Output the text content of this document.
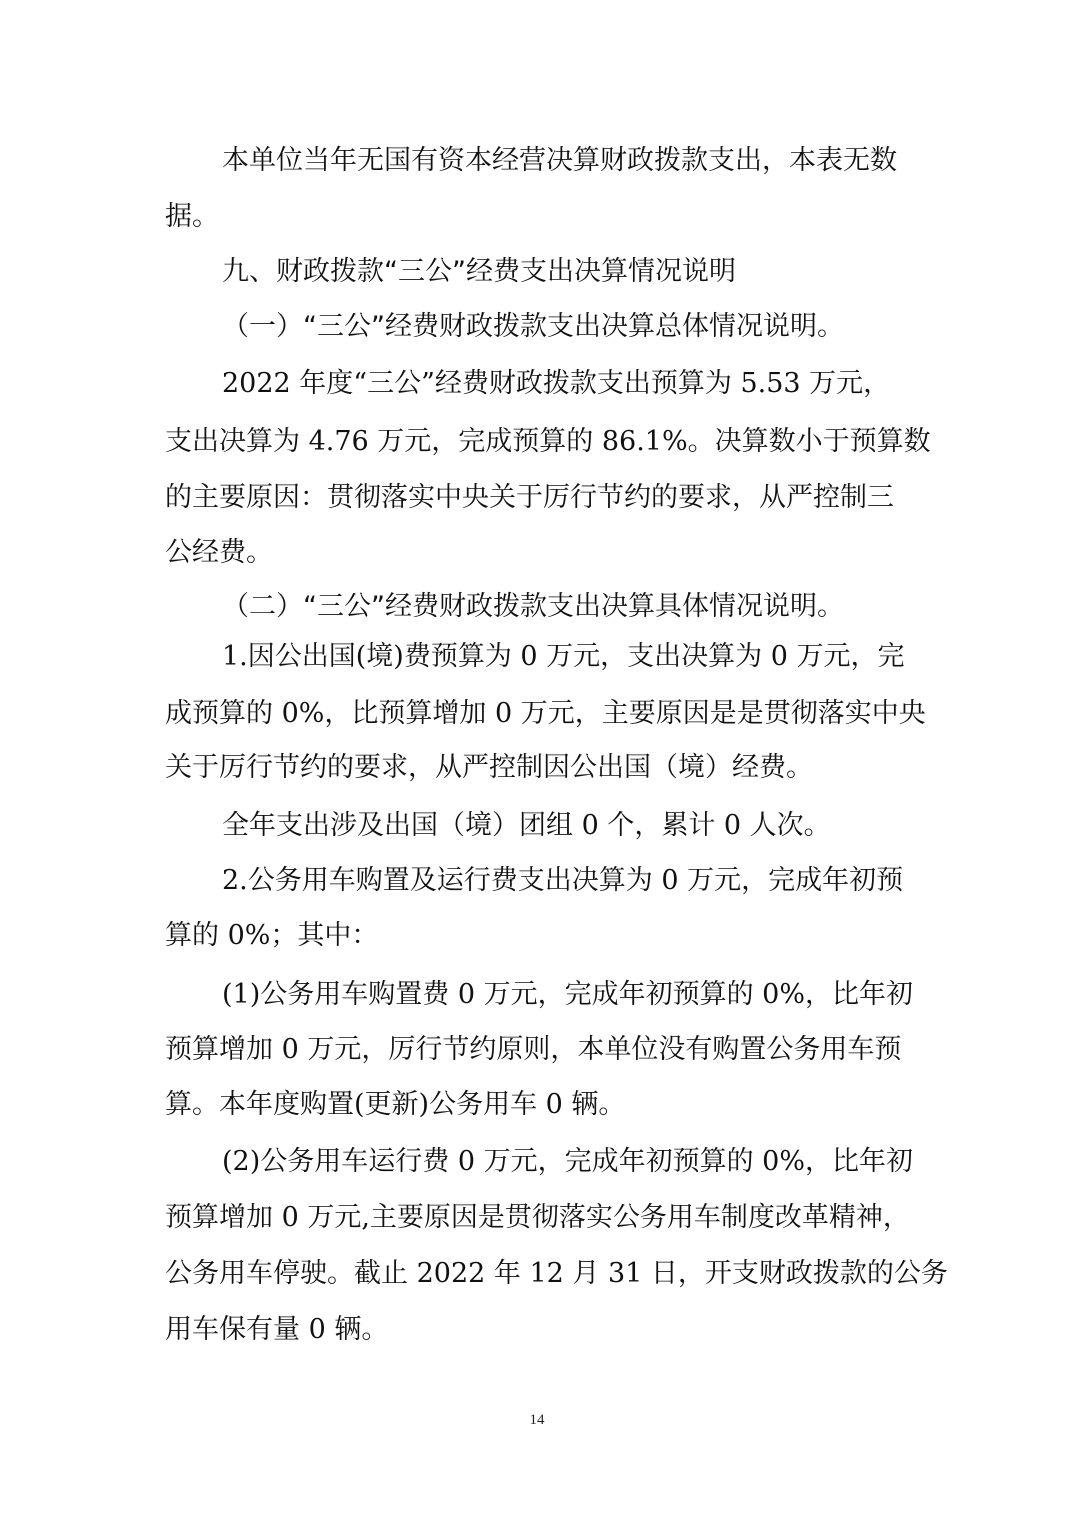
本单位当年无国有资本经营决算财政拨款支出，本表无数
据。
九、财政拨款“三公”经费支出决算情况说明
（一）“三公”经费财政拨款支出决算总体情况说明。
2022 年度“三公”经费财政拨款支出预算为 5.53 万元，
支出决算为 4.76 万元，完成预算的 86.1%。决算数小于预算数
的主要原因：贯彻落实中央关于厉行节约的要求，从严控制三
公经费。
（二）“三公”经费财政拨款支出决算具体情况说明。
1.因公出国(境)费预算为 0 万元，支出决算为 0 万元，完
成预算的 0%，比预算增加 0 万元，主要原因是是贯彻落实中央
关于厉行节约的要求，从严控制因公出国（境）经费。
全年支出涉及出国（境）团组 0 个，累计 0 人次。
2.公务用车购置及运行费支出决算为 0 万元，完成年初预
算的 0%；其中：
(1)公务用车购置费 0 万元，完成年初预算的 0%，比年初
预算增加 0 万元，厉行节约原则，本单位没有购置公务用车预
算。本年度购置(更新)公务用车 0 辆。
(2)公务用车运行费 0 万元，完成年初预算的 0%，比年初
预算增加 0 万元,主要原因是贯彻落实公务用车制度改革精神，
公务用车停驶。截止 2022 年 12 月 31 日，开支财政拨款的公务
用车保有量 0 辆。
14
